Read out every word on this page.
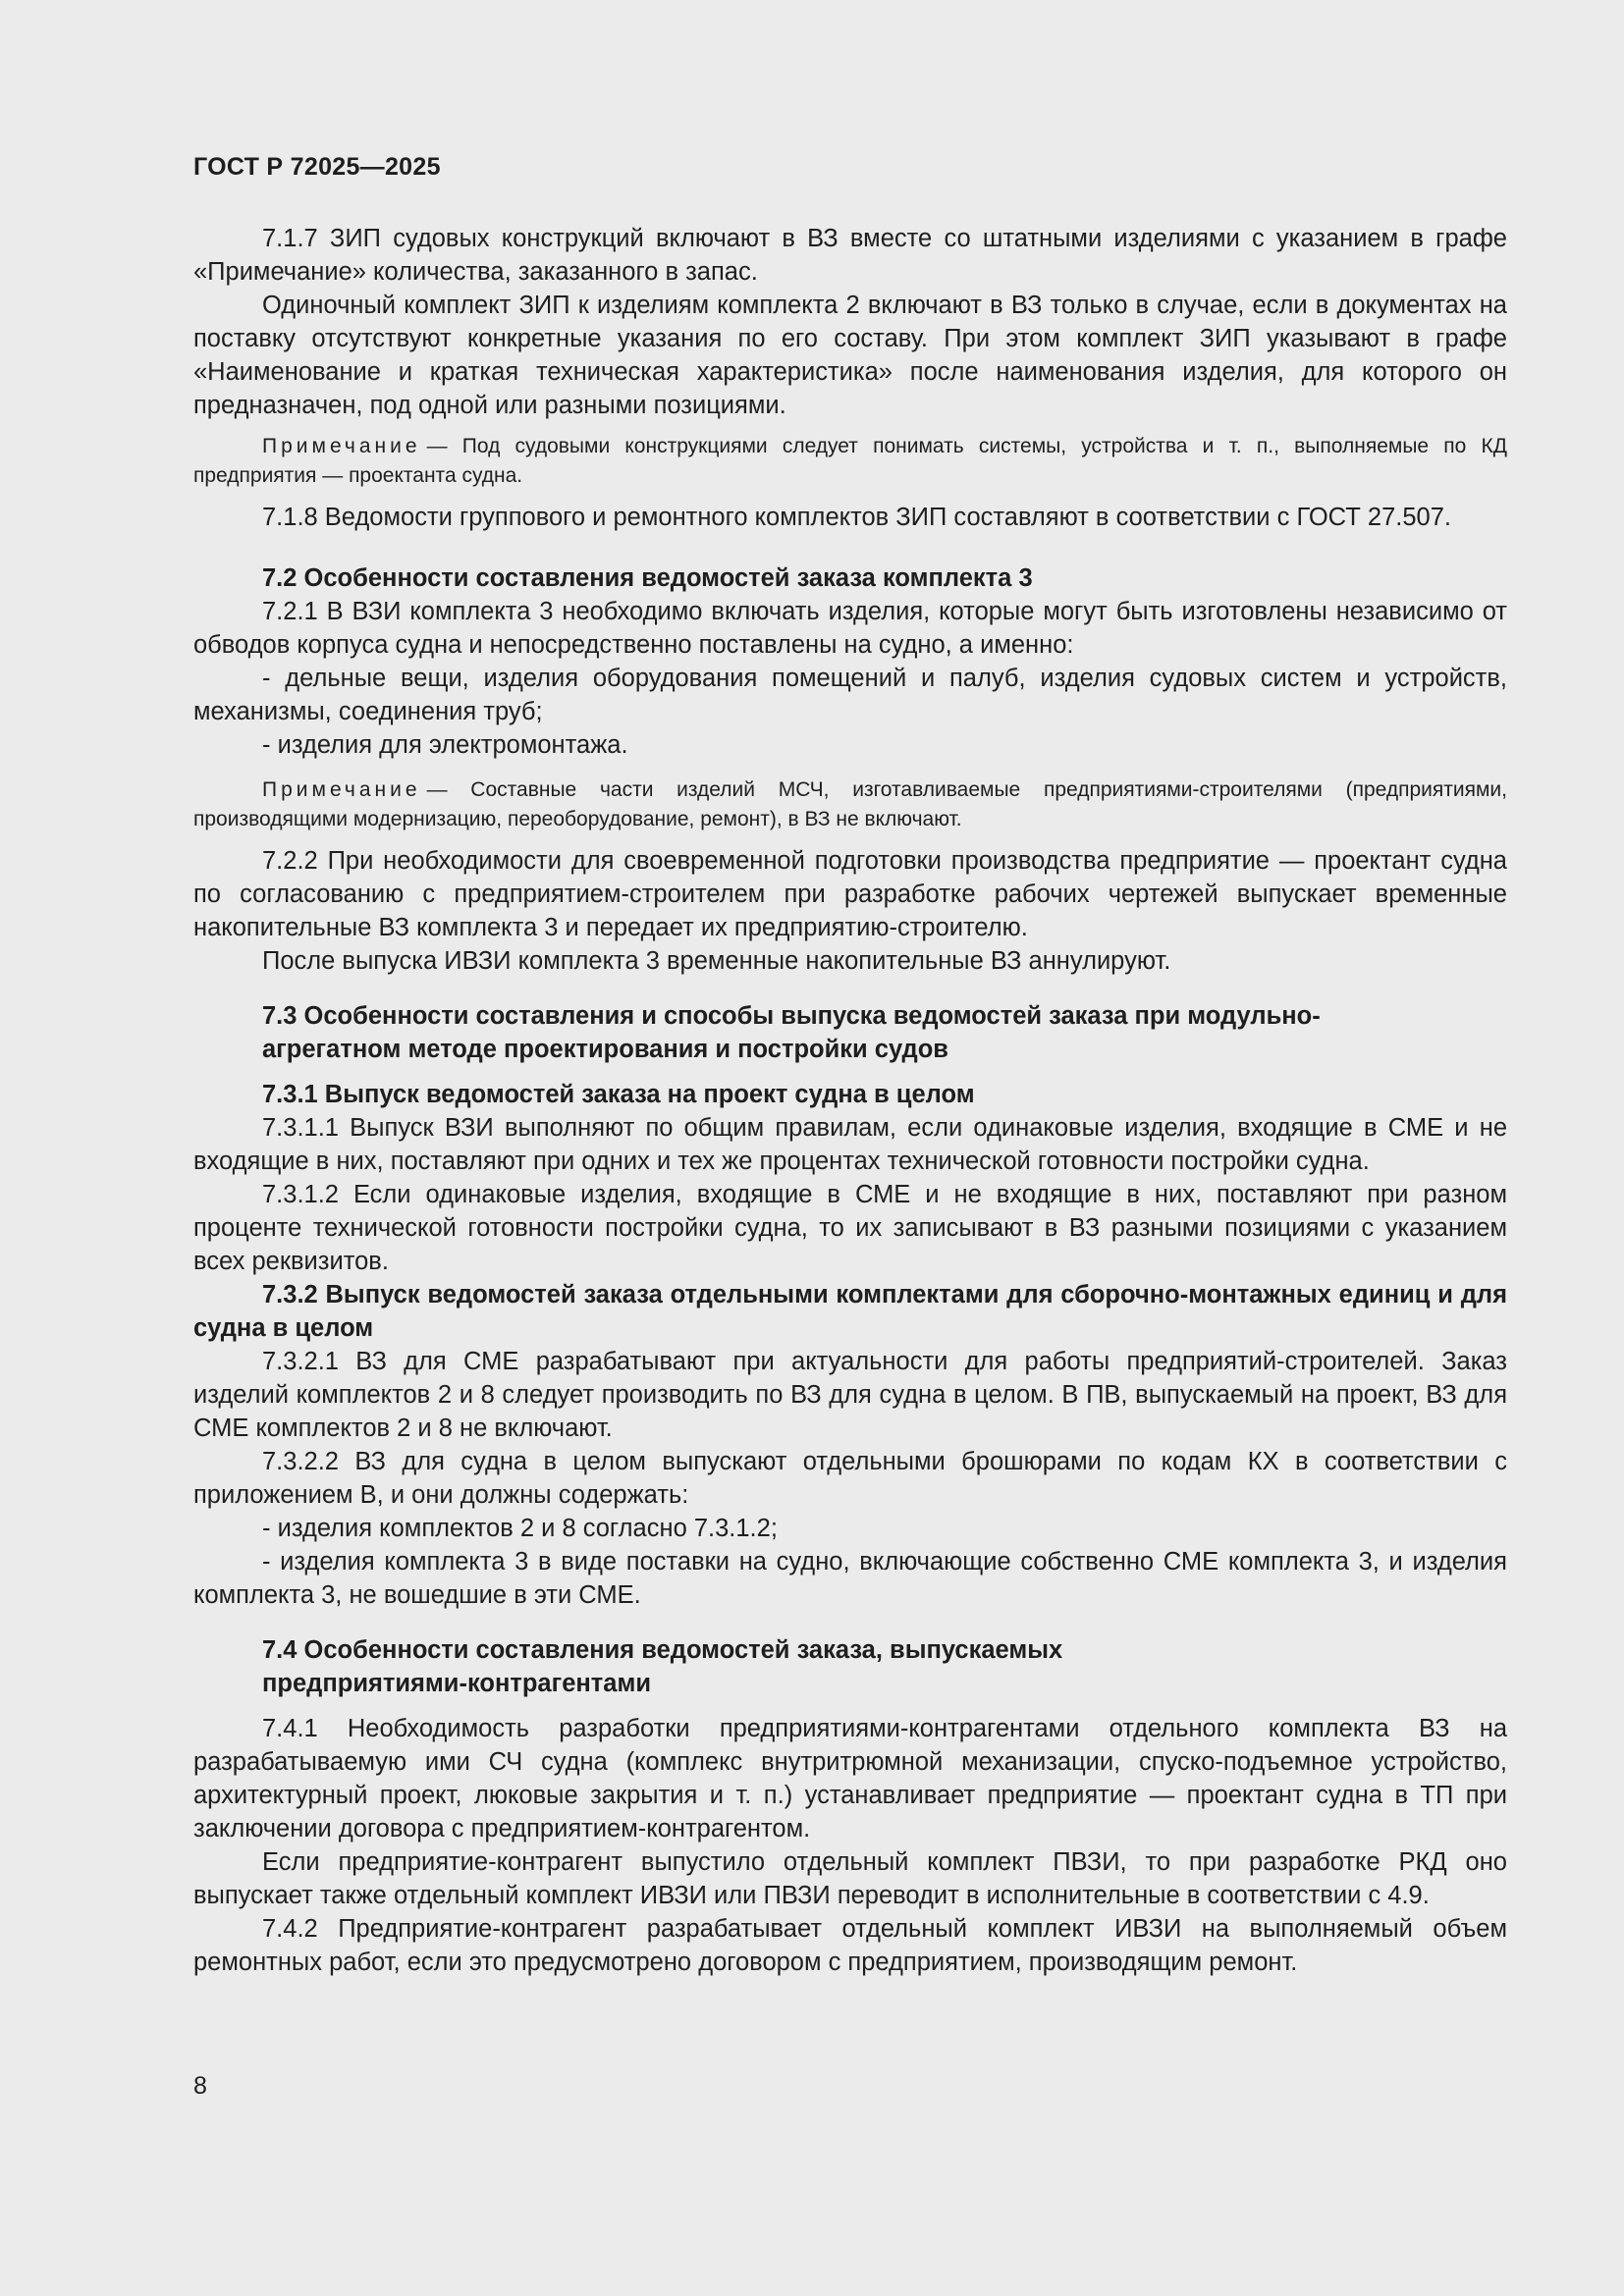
ГОСТ Р 72025—2025

7.1.7 ЗИП судовых конструкций включают в ВЗ вместе со штатными изделиями с указанием в графе «Примечание» количества, заказанного в запас.

Одиночный комплект ЗИП к изделиям комплекта 2 включают в ВЗ только в случае, если в документах на поставку отсутствуют конкретные указания по его составу. При этом комплект ЗИП указывают в графе «Наименование и краткая техническая характеристика» после наименования изделия, для которого он предназначен, под одной или разными позициями.

Примечание — Под судовыми конструкциями следует понимать системы, устройства и т. п., выполняемые по КД предприятия — проектанта судна.

7.1.8 Ведомости группового и ремонтного комплектов ЗИП составляют в соответствии с ГОСТ 27.507.

7.2 Особенности составления ведомостей заказа комплекта 3

7.2.1 В ВЗИ комплекта 3 необходимо включать изделия, которые могут быть изготовлены независимо от обводов корпуса судна и непосредственно поставлены на судно, а именно:

- дельные вещи, изделия оборудования помещений и палуб, изделия судовых систем и устройств, механизмы, соединения труб;

- изделия для электромонтажа.

Примечание — Составные части изделий МСЧ, изготавливаемые предприятиями-строителями (предприятиями, производящими модернизацию, переоборудование, ремонт), в ВЗ не включают.

7.2.2 При необходимости для своевременной подготовки производства предприятие — проектант судна по согласованию с предприятием-строителем при разработке рабочих чертежей выпускает временные накопительные ВЗ комплекта 3 и передает их предприятию-строителю.

После выпуска ИВЗИ комплекта 3 временные накопительные ВЗ аннулируют.

7.3 Особенности составления и способы выпуска ведомостей заказа при модульно-
агрегатном методе проектирования и постройки судов

7.3.1 Выпуск ведомостей заказа на проект судна в целом

7.3.1.1 Выпуск ВЗИ выполняют по общим правилам, если одинаковые изделия, входящие в СМЕ и не входящие в них, поставляют при одних и тех же процентах технической готовности постройки судна.

7.3.1.2 Если одинаковые изделия, входящие в СМЕ и не входящие в них, поставляют при разном проценте технической готовности постройки судна, то их записывают в ВЗ разными позициями с указанием всех реквизитов.

7.3.2 Выпуск ведомостей заказа отдельными комплектами для сборочно-монтажных единиц и для судна в целом

7.3.2.1 ВЗ для СМЕ разрабатывают при актуальности для работы предприятий-строителей. Заказ изделий комплектов 2 и 8 следует производить по ВЗ для судна в целом. В ПВ, выпускаемый на проект, ВЗ для СМЕ комплектов 2 и 8 не включают.

7.3.2.2 ВЗ для судна в целом выпускают отдельными брошюрами по кодам КХ в соответствии с приложением В, и они должны содержать:

- изделия комплектов 2 и 8 согласно 7.3.1.2;

- изделия комплекта 3 в виде поставки на судно, включающие собственно СМЕ комплекта 3, и изделия комплекта 3, не вошедшие в эти СМЕ.

7.4 Особенности составления ведомостей заказа, выпускаемых
предприятиями-контрагентами

7.4.1 Необходимость разработки предприятиями-контрагентами отдельного комплекта ВЗ на разрабатываемую ими СЧ судна (комплекс внутритрюмной механизации, спуско-подъемное устройство, архитектурный проект, люковые закрытия и т. п.) устанавливает предприятие — проектант судна в ТП при заключении договора с предприятием-контрагентом.

Если предприятие-контрагент выпустило отдельный комплект ПВЗИ, то при разработке РКД оно выпускает также отдельный комплект ИВЗИ или ПВЗИ переводит в исполнительные в соответствии с 4.9.

7.4.2 Предприятие-контрагент разрабатывает отдельный комплект ИВЗИ на выполняемый объем ремонтных работ, если это предусмотрено договором с предприятием, производящим ремонт.

8
